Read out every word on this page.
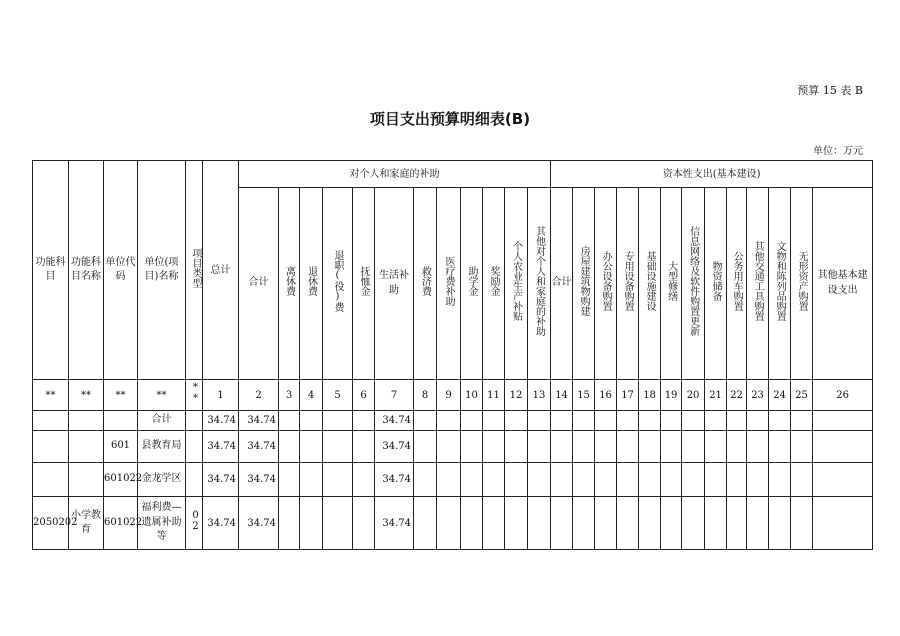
预算 15 表 B
项目支出预算明细表(B)
单位：万元
功能科目	功能科目名称	单位代码	单位(项目)名称	项目类型	总计	对个人和家庭的补助												资本性支出(基本建设)												

						合计	离休费	退休费	退职(役)费	抚恤金	生活补助	救济费	医疗费补助	助学金	奖励金	个人农业生产补贴	其他对个人和家庭的补助	合计	房屋建筑物购建	办公设备购置	专用设备购置	基础设施建设	大型修缮	信息网络及软件购置更新	物资储备	公务用车购置	其他交通工具购置	文物和陈列品购置	无形资产购置	其他基本建设支出

**	**	**	**	**	1	2	3	4	5	6	7	8	9	10	11	12	13	14	15	16	17	18	19	20	21	22	23	24	25	26

			合计		34.74	34.74					34.74																			

		601	县教育局		34.74	34.74					34.74																			

		601022	金龙学区		34.74	34.74					34.74																			

2050202	小学教育	601022	福利费—遗属补助等	02	34.74	34.74					34.74																			
